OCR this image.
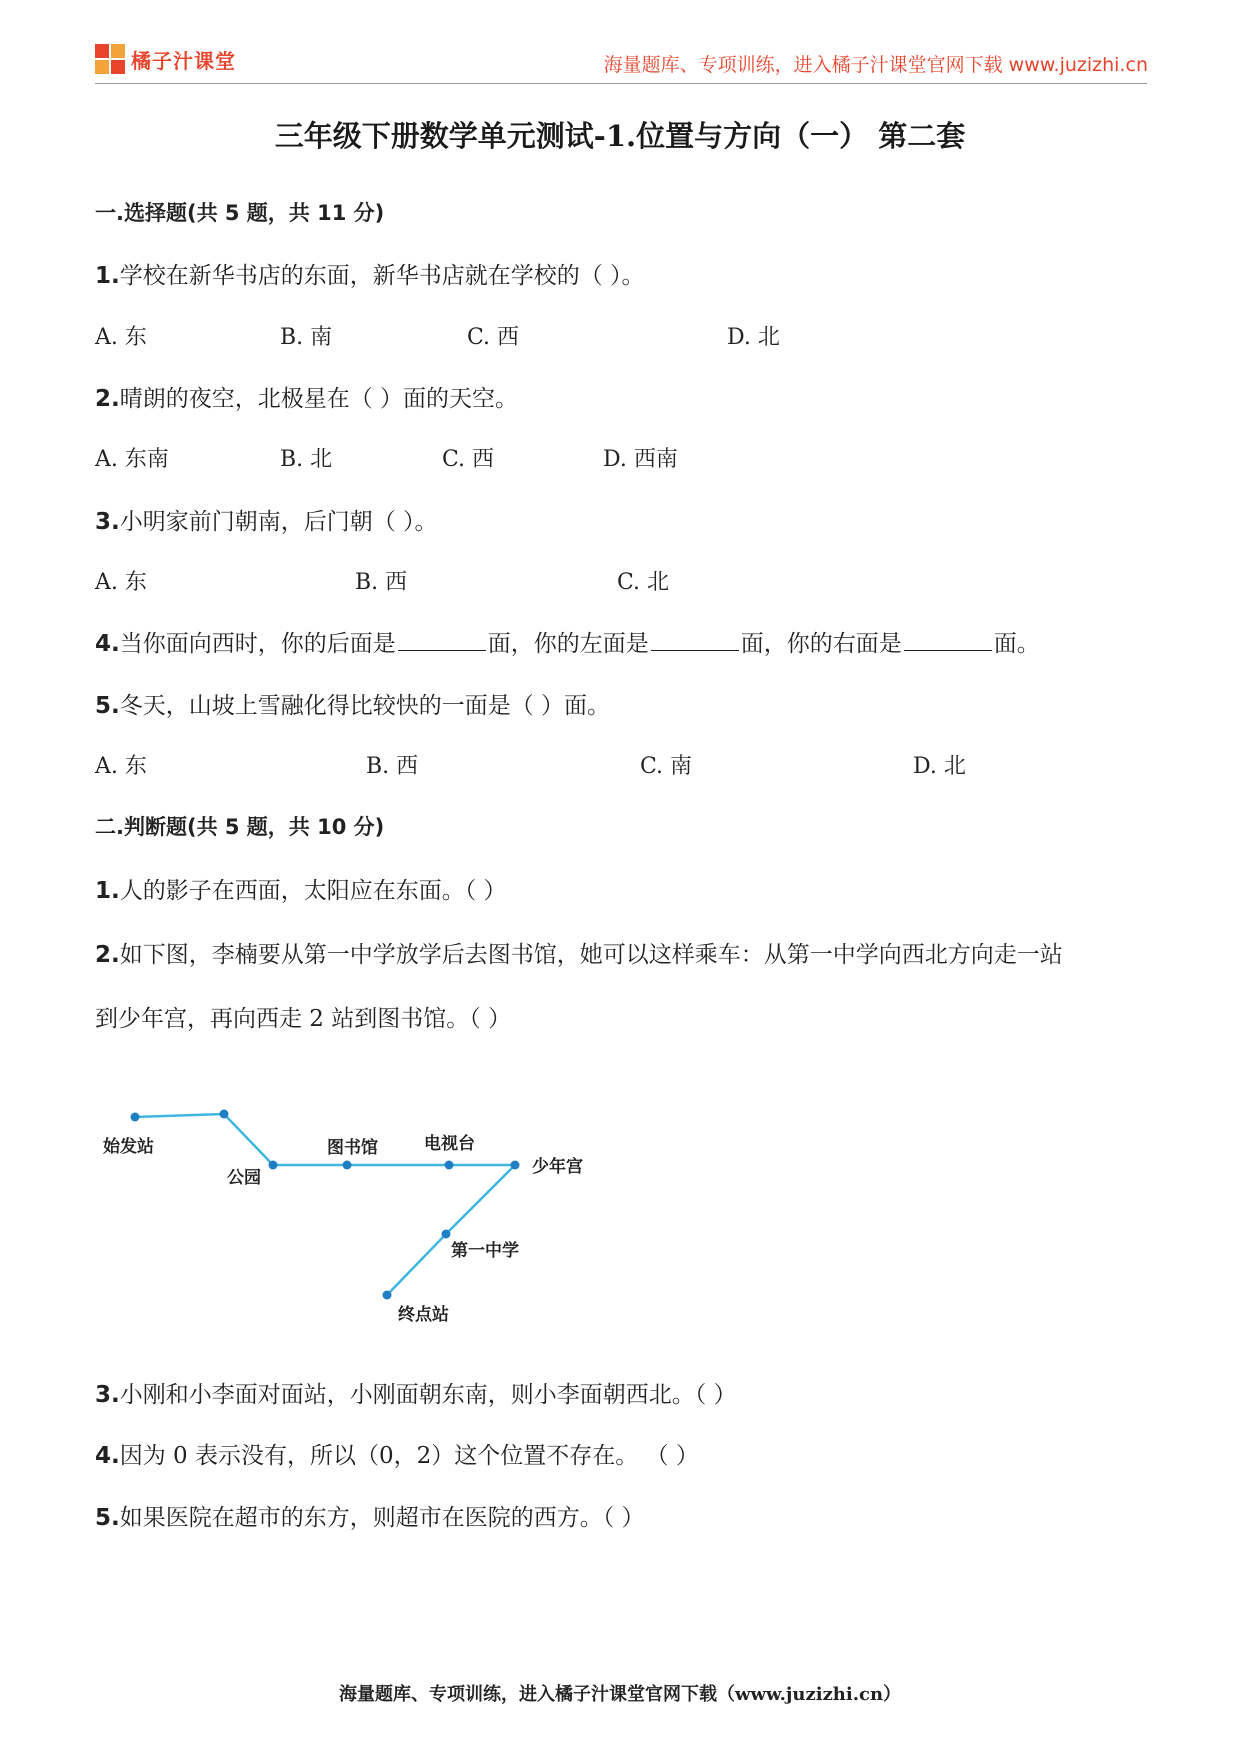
橘子汁课堂	海量题库、专项训练，进入橘子汁课堂官网下载 www.juzizhi.cn
三年级下册数学单元测试-1.位置与方向（一） 第二套
一.选择题(共 5 题，共 11 分)
1.学校在新华书店的东面，新华书店就在学校的（ ）。
A. 东	B. 南	C. 西	D. 北
2.晴朗的夜空，北极星在（ ）面的天空。
A. 东南	B. 北	C. 西	D. 西南
3.小明家前门朝南，后门朝（ ）。
A. 东	B. 西	C. 北
4.当你面向西时，你的后面是	面，你的左面是	面，你的右面是	面。
5.冬天，山坡上雪融化得比较快的一面是（ ）面。
A. 东	B. 西	C. 南	D. 北
二.判断题(共 5 题，共 10 分)
1.人的影子在西面，太阳应在东面。（ ）
2.如下图，李楠要从第一中学放学后去图书馆，她可以这样乘车：从第一中学向西北方向走一站
到少年宫，再向西走 2 站到图书馆。（ ）
始发站
公园
图书馆	电视台
少年宫
第一中学
终点站
3.小刚和小李面对面站，小刚面朝东南，则小李面朝西北。（ ）
4.因为 0 表示没有，所以（0，2）这个位置不存在。 （ ）
5.如果医院在超市的东方，则超市在医院的西方。（ ）
海量题库、专项训练，进入橘子汁课堂官网下载（www.juzizhi.cn）
